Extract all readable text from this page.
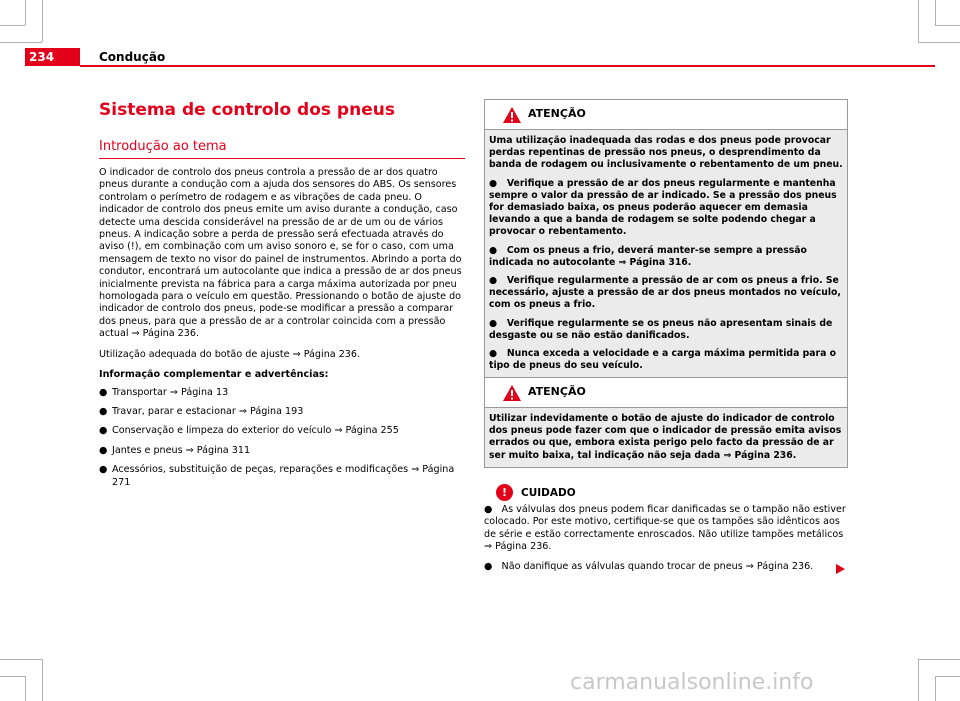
234	Condução
Sistema de controlo dos pneus
Introdução ao tema

O indicador de controlo dos pneus controla a pressão de ar dos quatro pneus durante a condução com a ajuda dos sensores do ABS. Os sensores controlam o perímetro de rodagem e as vibrações de cada pneu. O indicador de controlo dos pneus emite um aviso durante a condução, caso detecte uma descida considerável na pressão de ar de um ou de vários pneus. A indicação sobre a perda de pressão será efectuada através do aviso (!), em combinação com um aviso sonoro e, se for o caso, com uma mensagem de texto no visor do painel de instrumentos. Abrindo a porta do condutor, encontrará um autocolante que indica a pressão de ar dos pneus inicialmente prevista na fábrica para a carga máxima autorizada por pneu homologada para o veículo em questão. Pressionando o botão de ajuste do indicador de controlo dos pneus, pode-se modificar a pressão a comparar dos pneus, para que a pressão de ar a controlar coincida com a pressão actual ⇒ Página 236.

Utilização adequada do botão de ajuste ⇒ Página 236.

Informação complementar e advertências:

● Transportar ⇒ Página 13
● Travar, parar e estacionar ⇒ Página 193
● Conservação e limpeza do exterior do veículo ⇒ Página 255
● Jantes e pneus ⇒ Página 311
● Acessórios, substituição de peças, reparações e modificações ⇒ Página 271
ATENÇÃO

Uma utilização inadequada das rodas e dos pneus pode provocar perdas repentinas de pressão nos pneus, o desprendimento da banda de rodagem ou inclusivamente o rebentamento de um pneu.

● Verifique a pressão de ar dos pneus regularmente e mantenha sempre o valor da pressão de ar indicado. Se a pressão dos pneus for demasiado baixa, os pneus poderão aquecer em demasia levando a que a banda de rodagem se solte podendo chegar a provocar o rebentamento.

● Com os pneus a frio, deverá manter-se sempre a pressão indicada no autocolante ⇒ Página 316.

● Verifique regularmente a pressão de ar com os pneus a frio. Se necessário, ajuste a pressão de ar dos pneus montados no veículo, com os pneus a frio.

● Verifique regularmente se os pneus não apresentam sinais de desgaste ou se não estão danificados.

● Nunca exceda a velocidade e a carga máxima permitida para o tipo de pneus do seu veículo.

ATENÇÃO

Utilizar indevidamente o botão de ajuste do indicador de controlo dos pneus pode fazer com que o indicador de pressão emita avisos errados ou que, embora exista perigo pelo facto da pressão de ar ser muito baixa, tal indicação não seja dada ⇒ Página 236.

!	CUIDADO

● As válvulas dos pneus podem ficar danificadas se o tampão não estiver colocado. Por este motivo, certifique-se que os tampões são idênticos aos de série e estão correctamente enroscados. Não utilize tampões metálicos ⇒ Página 236.

● Não danifique as válvulas quando trocar de pneus ⇒ Página 236.

carmanualsonline.info
